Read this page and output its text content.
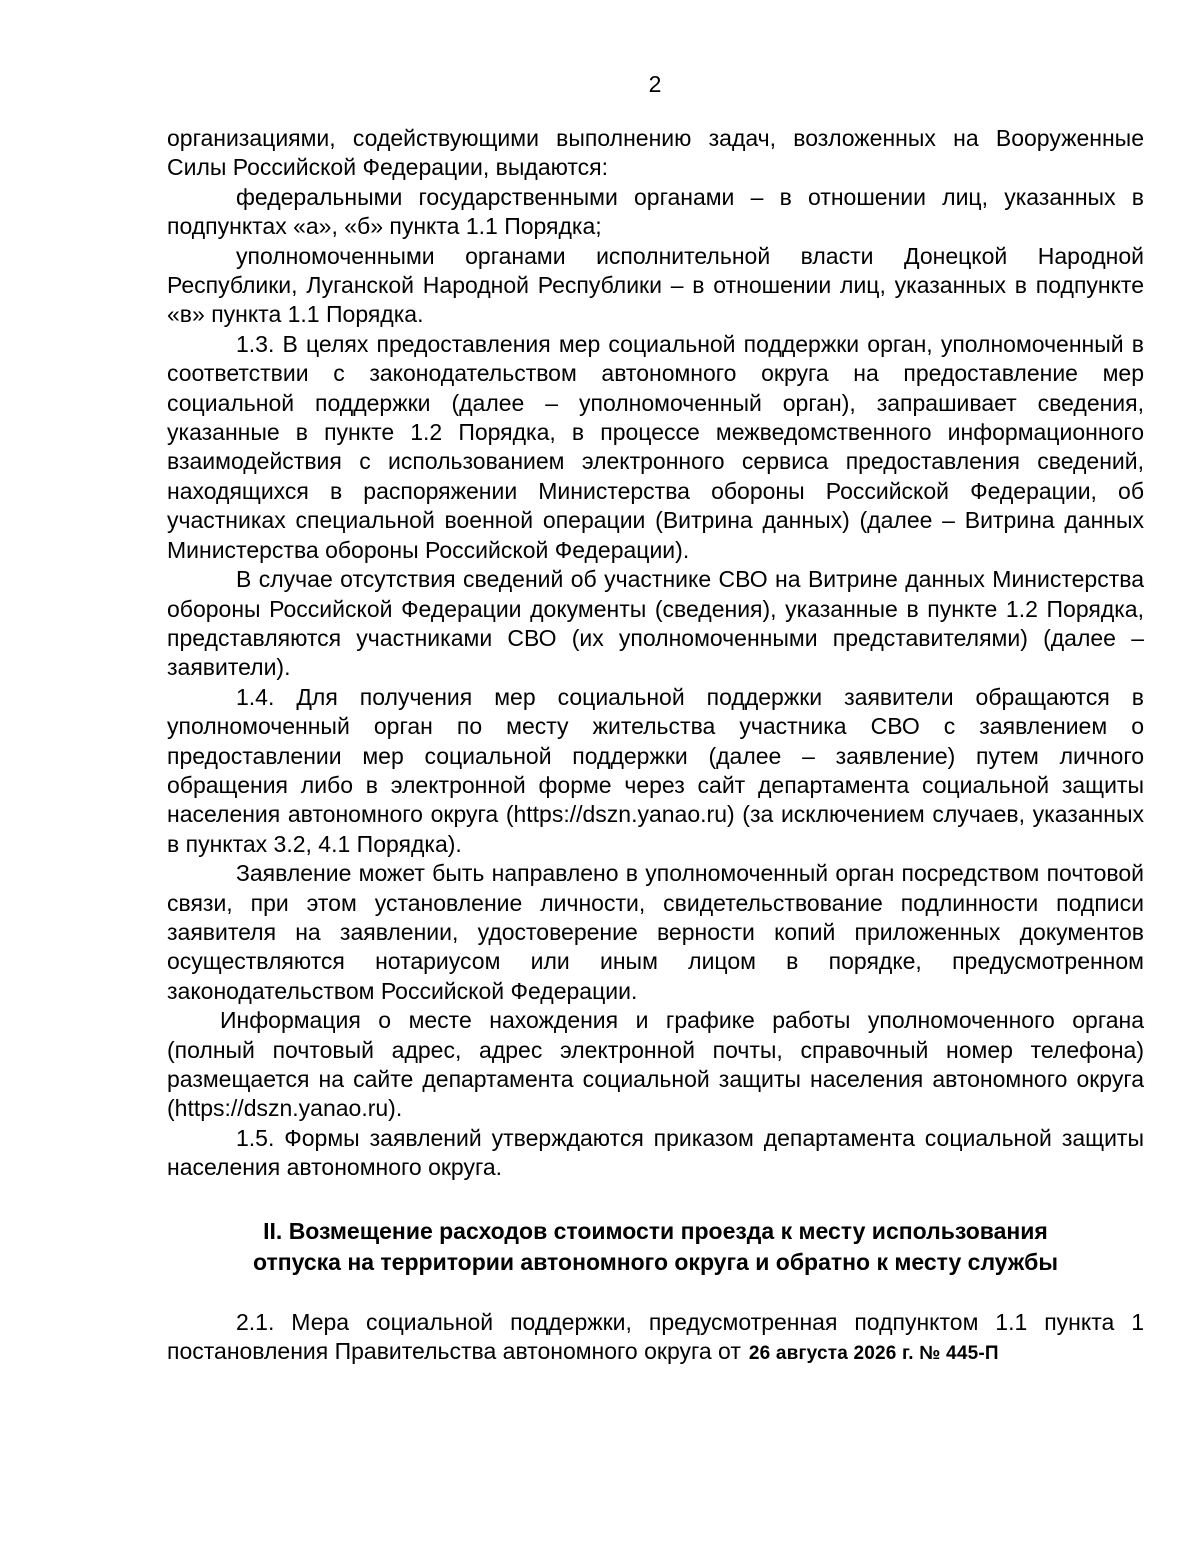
2

организациями, содействующими выполнению задач, возложенных на Вооруженные Силы Российской Федерации, выдаются:

федеральными государственными органами – в отношении лиц, указанных в подпунктах «а», «б» пункта 1.1 Порядка;

уполномоченными органами исполнительной власти Донецкой Народной Республики, Луганской Народной Республики – в отношении лиц, указанных в подпункте «в» пункта 1.1 Порядка.

1.3. В целях предоставления мер социальной поддержки орган, уполномоченный в соответствии с законодательством автономного округа на предоставление мер социальной поддержки (далее – уполномоченный орган), запрашивает сведения, указанные в пункте 1.2 Порядка, в процессе межведомственного информационного взаимодействия с использованием электронного сервиса предоставления сведений, находящихся в распоряжении Министерства обороны Российской Федерации, об участниках специальной военной операции (Витрина данных) (далее – Витрина данных Министерства обороны Российской Федерации).

В случае отсутствия сведений об участнике СВО на Витрине данных Министерства обороны Российской Федерации документы (сведения), указанные в пункте 1.2 Порядка, представляются участниками СВО (их уполномоченными представителями) (далее – заявители).

1.4. Для получения мер социальной поддержки заявители обращаются в уполномоченный орган по месту жительства участника СВО с заявлением о предоставлении мер социальной поддержки (далее – заявление) путем личного обращения либо в электронной форме через сайт департамента социальной защиты населения автономного округа (https://dszn.yanao.ru) (за исключением случаев, указанных в пунктах 3.2, 4.1 Порядка).

Заявление может быть направлено в уполномоченный орган посредством почтовой связи, при этом установление личности, свидетельствование подлинности подписи заявителя на заявлении, удостоверение верности копий приложенных документов осуществляются нотариусом или иным лицом в порядке, предусмотренном законодательством Российской Федерации.

Информация о месте нахождения и графике работы уполномоченного органа (полный почтовый адрес, адрес электронной почты, справочный номер телефона) размещается на сайте департамента социальной защиты населения автономного округа (https://dszn.yanao.ru).

1.5. Формы заявлений утверждаются приказом департамента социальной защиты населения автономного округа.

II. Возмещение расходов стоимости проезда к месту использования
отпуска на территории автономного округа и обратно к месту службы

2.1. Мера социальной поддержки, предусмотренная подпунктом 1.1 пункта 1 постановления Правительства автономного округа от 26 августа 2026 г. № 445-П
